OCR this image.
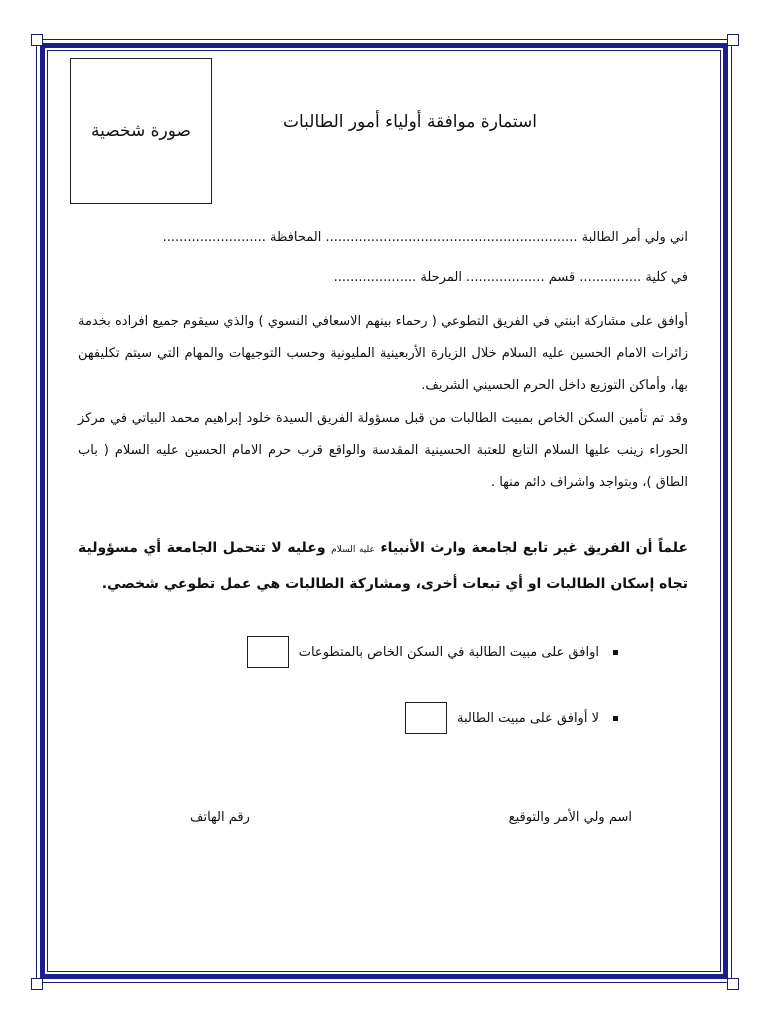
صورة شخصية	استمارة موافقة أولياء أمور الطالبات
اني ولي أمر الطالبة ............................................................. المحافظة .........................
في كلية ............... قسم ................... المرحلة ....................
أوافق على مشاركة ابنتي في الفريق التطوعي ( رحماء بينهم الاسعافي النسوي ) والذي سيقوم جميع افراده بخدمة زائرات الامام الحسين عليه السلام خلال الزيارة الأربعينية المليونية وحسب التوجيهات والمهام التي سيتم تكليفهن بها، وأماكن التوزيع داخل الحرم الحسيني الشريف.
وقد تم تأمين السكن الخاص بمبيت الطالبات من قبل مسؤولة الفريق السيدة خلود إبراهيم محمد البياتي في مركز الحوراء زينب عليها السلام التابع للعتبة الحسينية المقدسة والواقع قرب حرم الامام الحسين عليه السلام ( باب الطاق )، وبتواجد واشراف دائم منها .
علماً أن الفريق غير تابع لجامعة وارث الأنبياء عليه السلام وعليه لا تتحمل الجامعة أي مسؤولية تجاه إسكان الطالبات او أي تبعات أخرى، ومشاركة الطالبات هي عمل تطوعي شخصي.
اوافق على مبيت الطالبة في السكن الخاص بالمتطوعات
لا أوافق على مبيت الطالبة
اسم ولي الأمر والتوقيع
رقم الهاتف
